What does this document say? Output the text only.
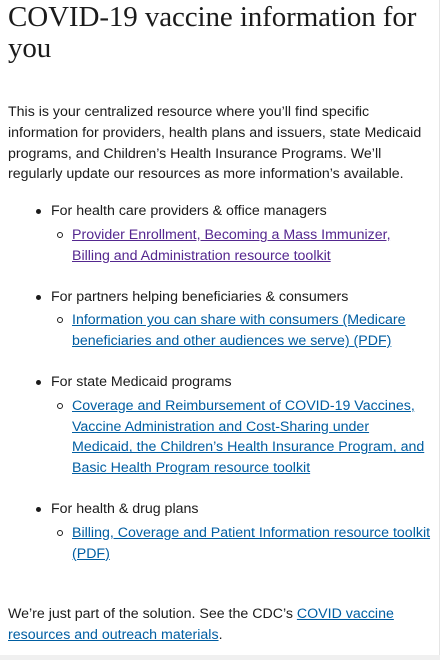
COVID-19 vaccine information for you

This is your centralized resource where you’ll find specific information for providers, health plans and issuers, state Medicaid programs, and Children’s Health Insurance Programs. We’ll regularly update our resources as more information’s available.

For health care providers & office managers
Provider Enrollment, Becoming a Mass Immunizer, Billing and Administration resource toolkit
For partners helping beneficiaries & consumers
Information you can share with consumers (Medicare beneficiaries and other audiences we serve) (PDF)
For state Medicaid programs
Coverage and Reimbursement of COVID-19 Vaccines, Vaccine Administration and Cost-Sharing under Medicaid, the Children’s Health Insurance Program, and Basic Health Program resource toolkit
For health & drug plans
Billing, Coverage and Patient Information resource toolkit (PDF)

We’re just part of the solution. See the CDC’s COVID vaccine resources and outreach materials.
